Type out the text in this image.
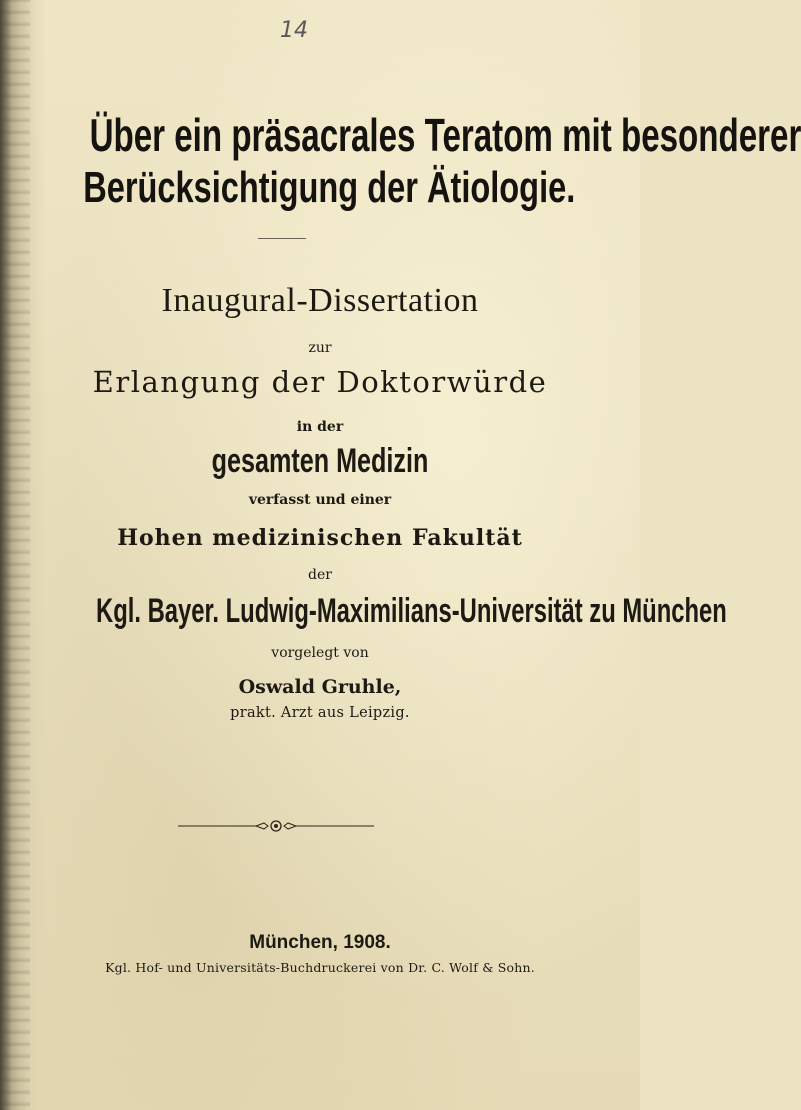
14
Über ein präsacrales Teratom mit besonderer
Berücksichtigung der Ätiologie.
Inaugural-Dissertation
zur
Erlangung der Doktorwürde
in der
gesamten Medizin
verfasst und einer
Hohen medizinischen Fakultät
der
Kgl. Bayer. Ludwig-Maximilians-Universität zu München
vorgelegt von
Oswald Gruhle,
prakt. Arzt aus Leipzig.
München, 1908.
Kgl. Hof- und Universitäts-Buchdruckerei von Dr. C. Wolf & Sohn.
